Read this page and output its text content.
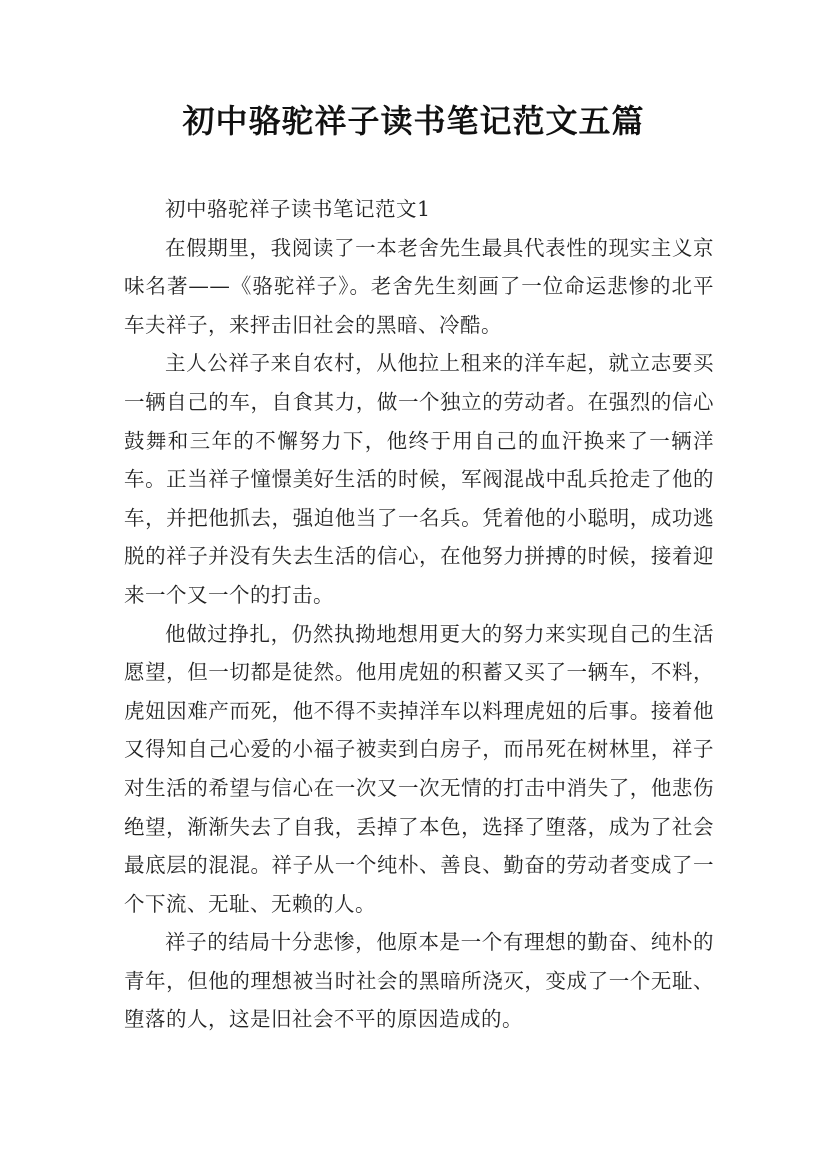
初中骆驼祥子读书笔记范文五篇

初中骆驼祥子读书笔记范文1

在假期里，我阅读了一本老舍先生最具代表性的现实主义京味名著——《骆驼祥子》。老舍先生刻画了一位命运悲惨的北平车夫祥子，来抨击旧社会的黑暗、冷酷。

主人公祥子来自农村，从他拉上租来的洋车起，就立志要买一辆自己的车，自食其力，做一个独立的劳动者。在强烈的信心鼓舞和三年的不懈努力下，他终于用自己的血汗换来了一辆洋车。正当祥子憧憬美好生活的时候，军阀混战中乱兵抢走了他的车，并把他抓去，强迫他当了一名兵。凭着他的小聪明，成功逃脱的祥子并没有失去生活的信心，在他努力拼搏的时候，接着迎来一个又一个的打击。

他做过挣扎，仍然执拗地想用更大的努力来实现自己的生活愿望，但一切都是徒然。他用虎妞的积蓄又买了一辆车，不料，虎妞因难产而死，他不得不卖掉洋车以料理虎妞的后事。接着他又得知自己心爱的小福子被卖到白房子，而吊死在树林里，祥子对生活的希望与信心在一次又一次无情的打击中消失了，他悲伤绝望，渐渐失去了自我，丢掉了本色，选择了堕落，成为了社会最底层的混混。祥子从一个纯朴、善良、勤奋的劳动者变成了一个下流、无耻、无赖的人。

祥子的结局十分悲惨，他原本是一个有理想的勤奋、纯朴的青年，但他的理想被当时社会的黑暗所浇灭，变成了一个无耻、堕落的人，这是旧社会不平的原因造成的。
